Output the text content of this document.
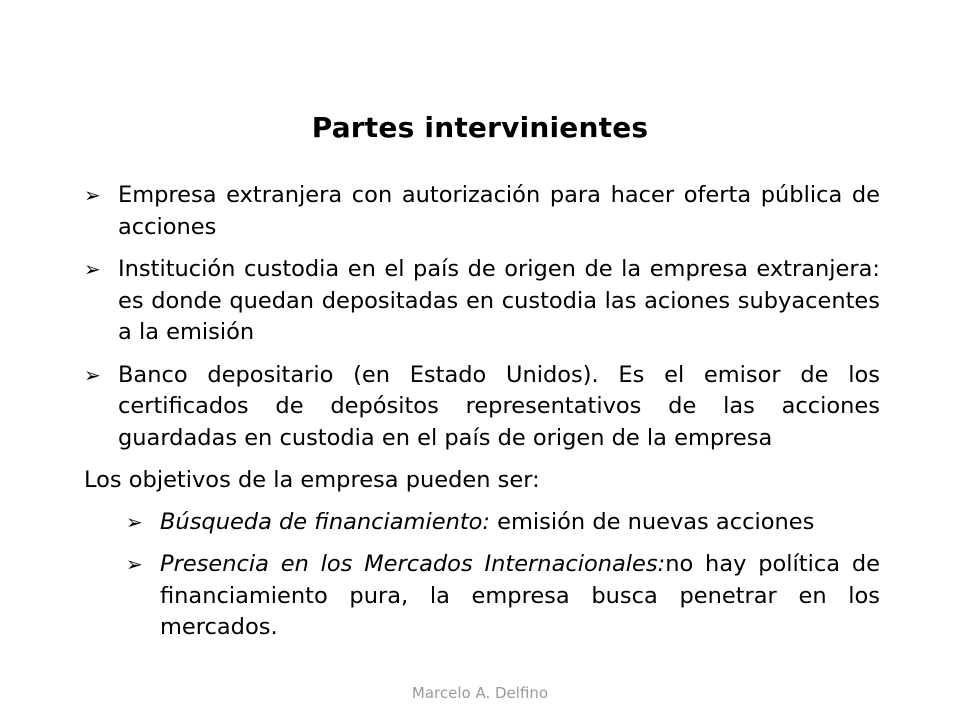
Partes intervinientes
➢ Empresa extranjera con autorización para hacer oferta pública de acciones
➢ Institución custodia en el país de origen de la empresa extranjera: es donde quedan depositadas en custodia las aciones subyacentes a la emisión
➢ Banco depositario (en Estado Unidos). Es el emisor de los certificados de depósitos representativos de las acciones guardadas en custodia en el país de origen de la empresa
Los objetivos de la empresa pueden ser:
➢ Búsqueda de financiamiento: emisión de nuevas acciones
➢ Presencia en los Mercados Internacionales:no hay política de financiamiento pura, la empresa busca penetrar en los mercados.
Marcelo A. Delfino
